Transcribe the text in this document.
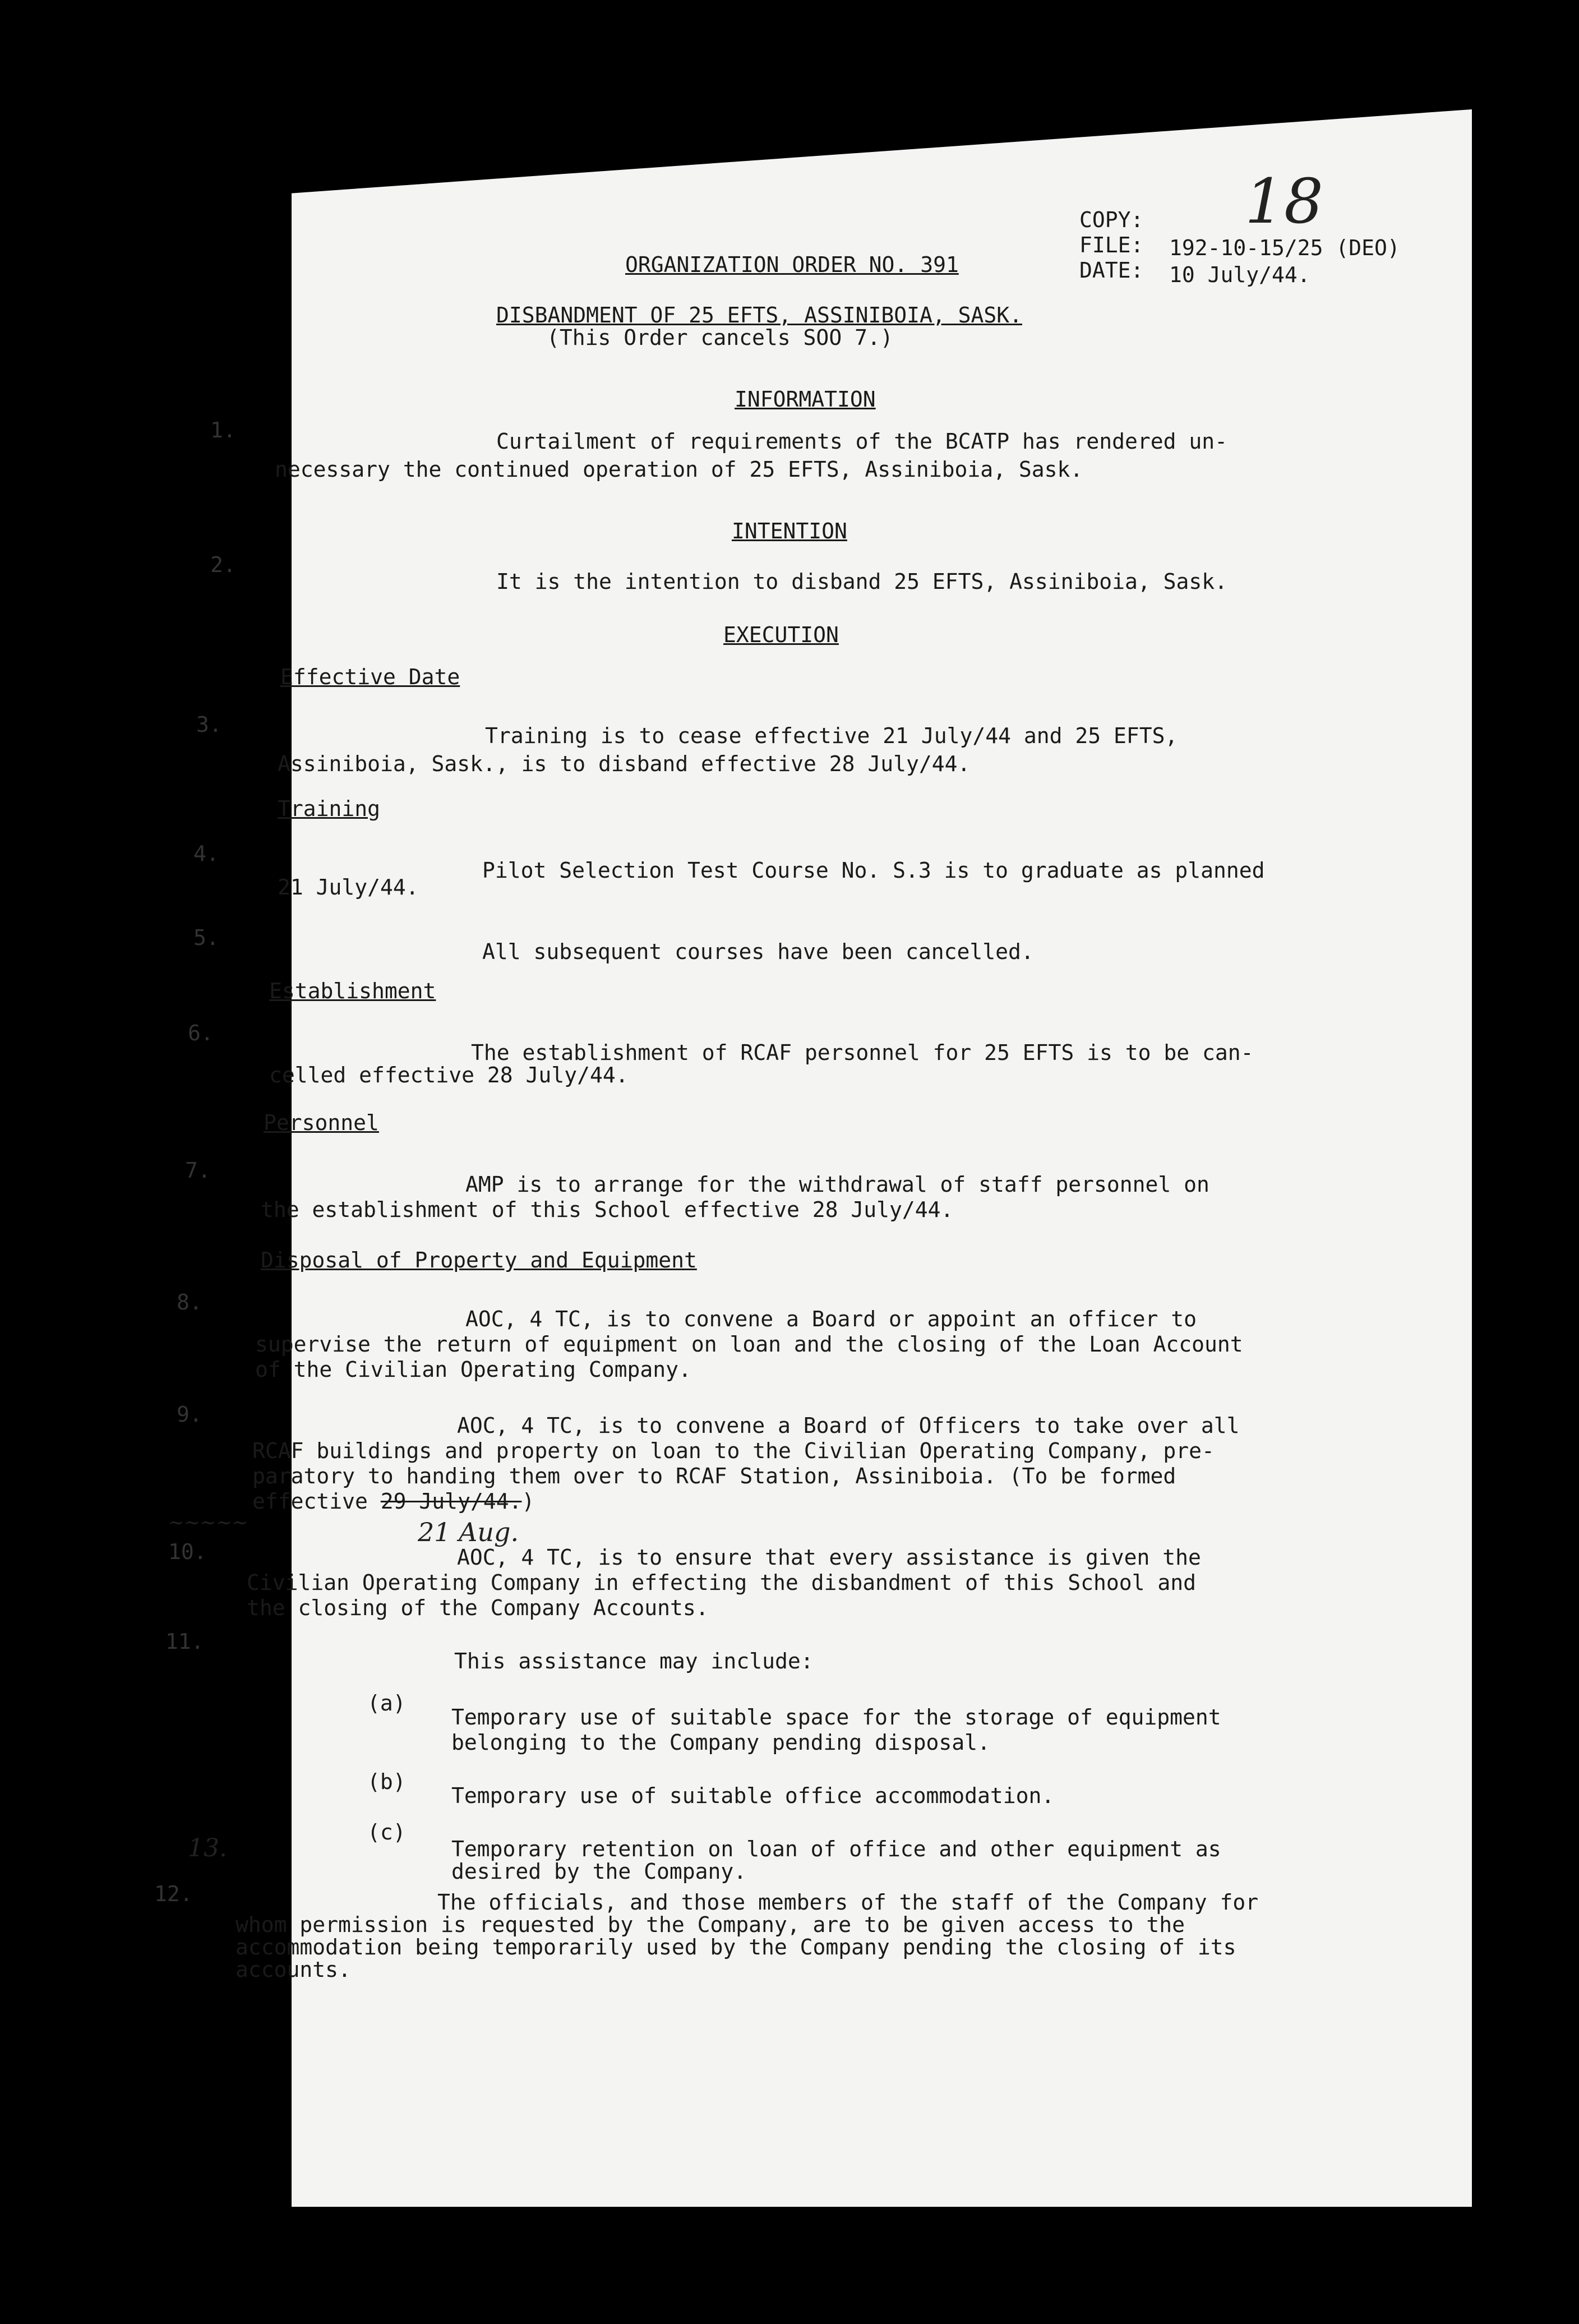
COPY: 18
FILE: 192-10-15/25 (DEO)
DATE: 10 July/44.
ORGANIZATION ORDER NO. 391
DISBANDMENT OF 25 EFTS, ASSINIBOIA, SASK.
(This Order cancels SOO 7.)
INFORMATION
1.	Curtailment of requirements of the BCATP has rendered un-
necessary the continued operation of 25 EFTS, Assiniboia, Sask.
INTENTION
2.
It is the intention to disband 25 EFTS, Assiniboia, Sask.
EXECUTION
Effective Date
3.	Training is to cease effective 21 July/44 and 25 EFTS,
Assiniboia, Sask., is to disband effective 28 July/44.
Training
4.
Pilot Selection Test Course No. S.3 is to graduate as planned
21 July/44.
5.
All subsequent courses have been cancelled.
Establishment
6.
The establishment of RCAF personnel for 25 EFTS is to be can-
celled effective 28 July/44.
Personnel
7.
AMP is to arrange for the withdrawal of staff personnel on
the establishment of this School effective 28 July/44.
Disposal of Property and Equipment
8.
AOC, 4 TC, is to convene a Board or appoint an officer to
supervise the return of equipment on loan and the closing of the Loan Account
of the Civilian Operating Company.
9.	AOC, 4 TC, is to convene a Board of Officers to take over all
RCAF buildings and property on loan to the Civilian Operating Company, pre-
paratory to handing them over to RCAF Station, Assiniboia. (To be formed
effective 29 July/44.)
21 Aug.
~~~~~
10.	AOC, 4 TC, is to ensure that every assistance is given the
Civilian Operating Company in effecting the disbandment of this School and
the closing of the Company Accounts.
11.
This assistance may include:
(a)
Temporary use of suitable space for the storage of equipment
belonging to the Company pending disposal.
(b)
Temporary use of suitable office accommodation.
(c)
Temporary retention on loan of office and other equipment as
desired by the Company.
13.
12.	The officials, and those members of the staff of the Company for
whom permission is requested by the Company, are to be given access to the
accommodation being temporarily used by the Company pending the closing of its
accounts.
